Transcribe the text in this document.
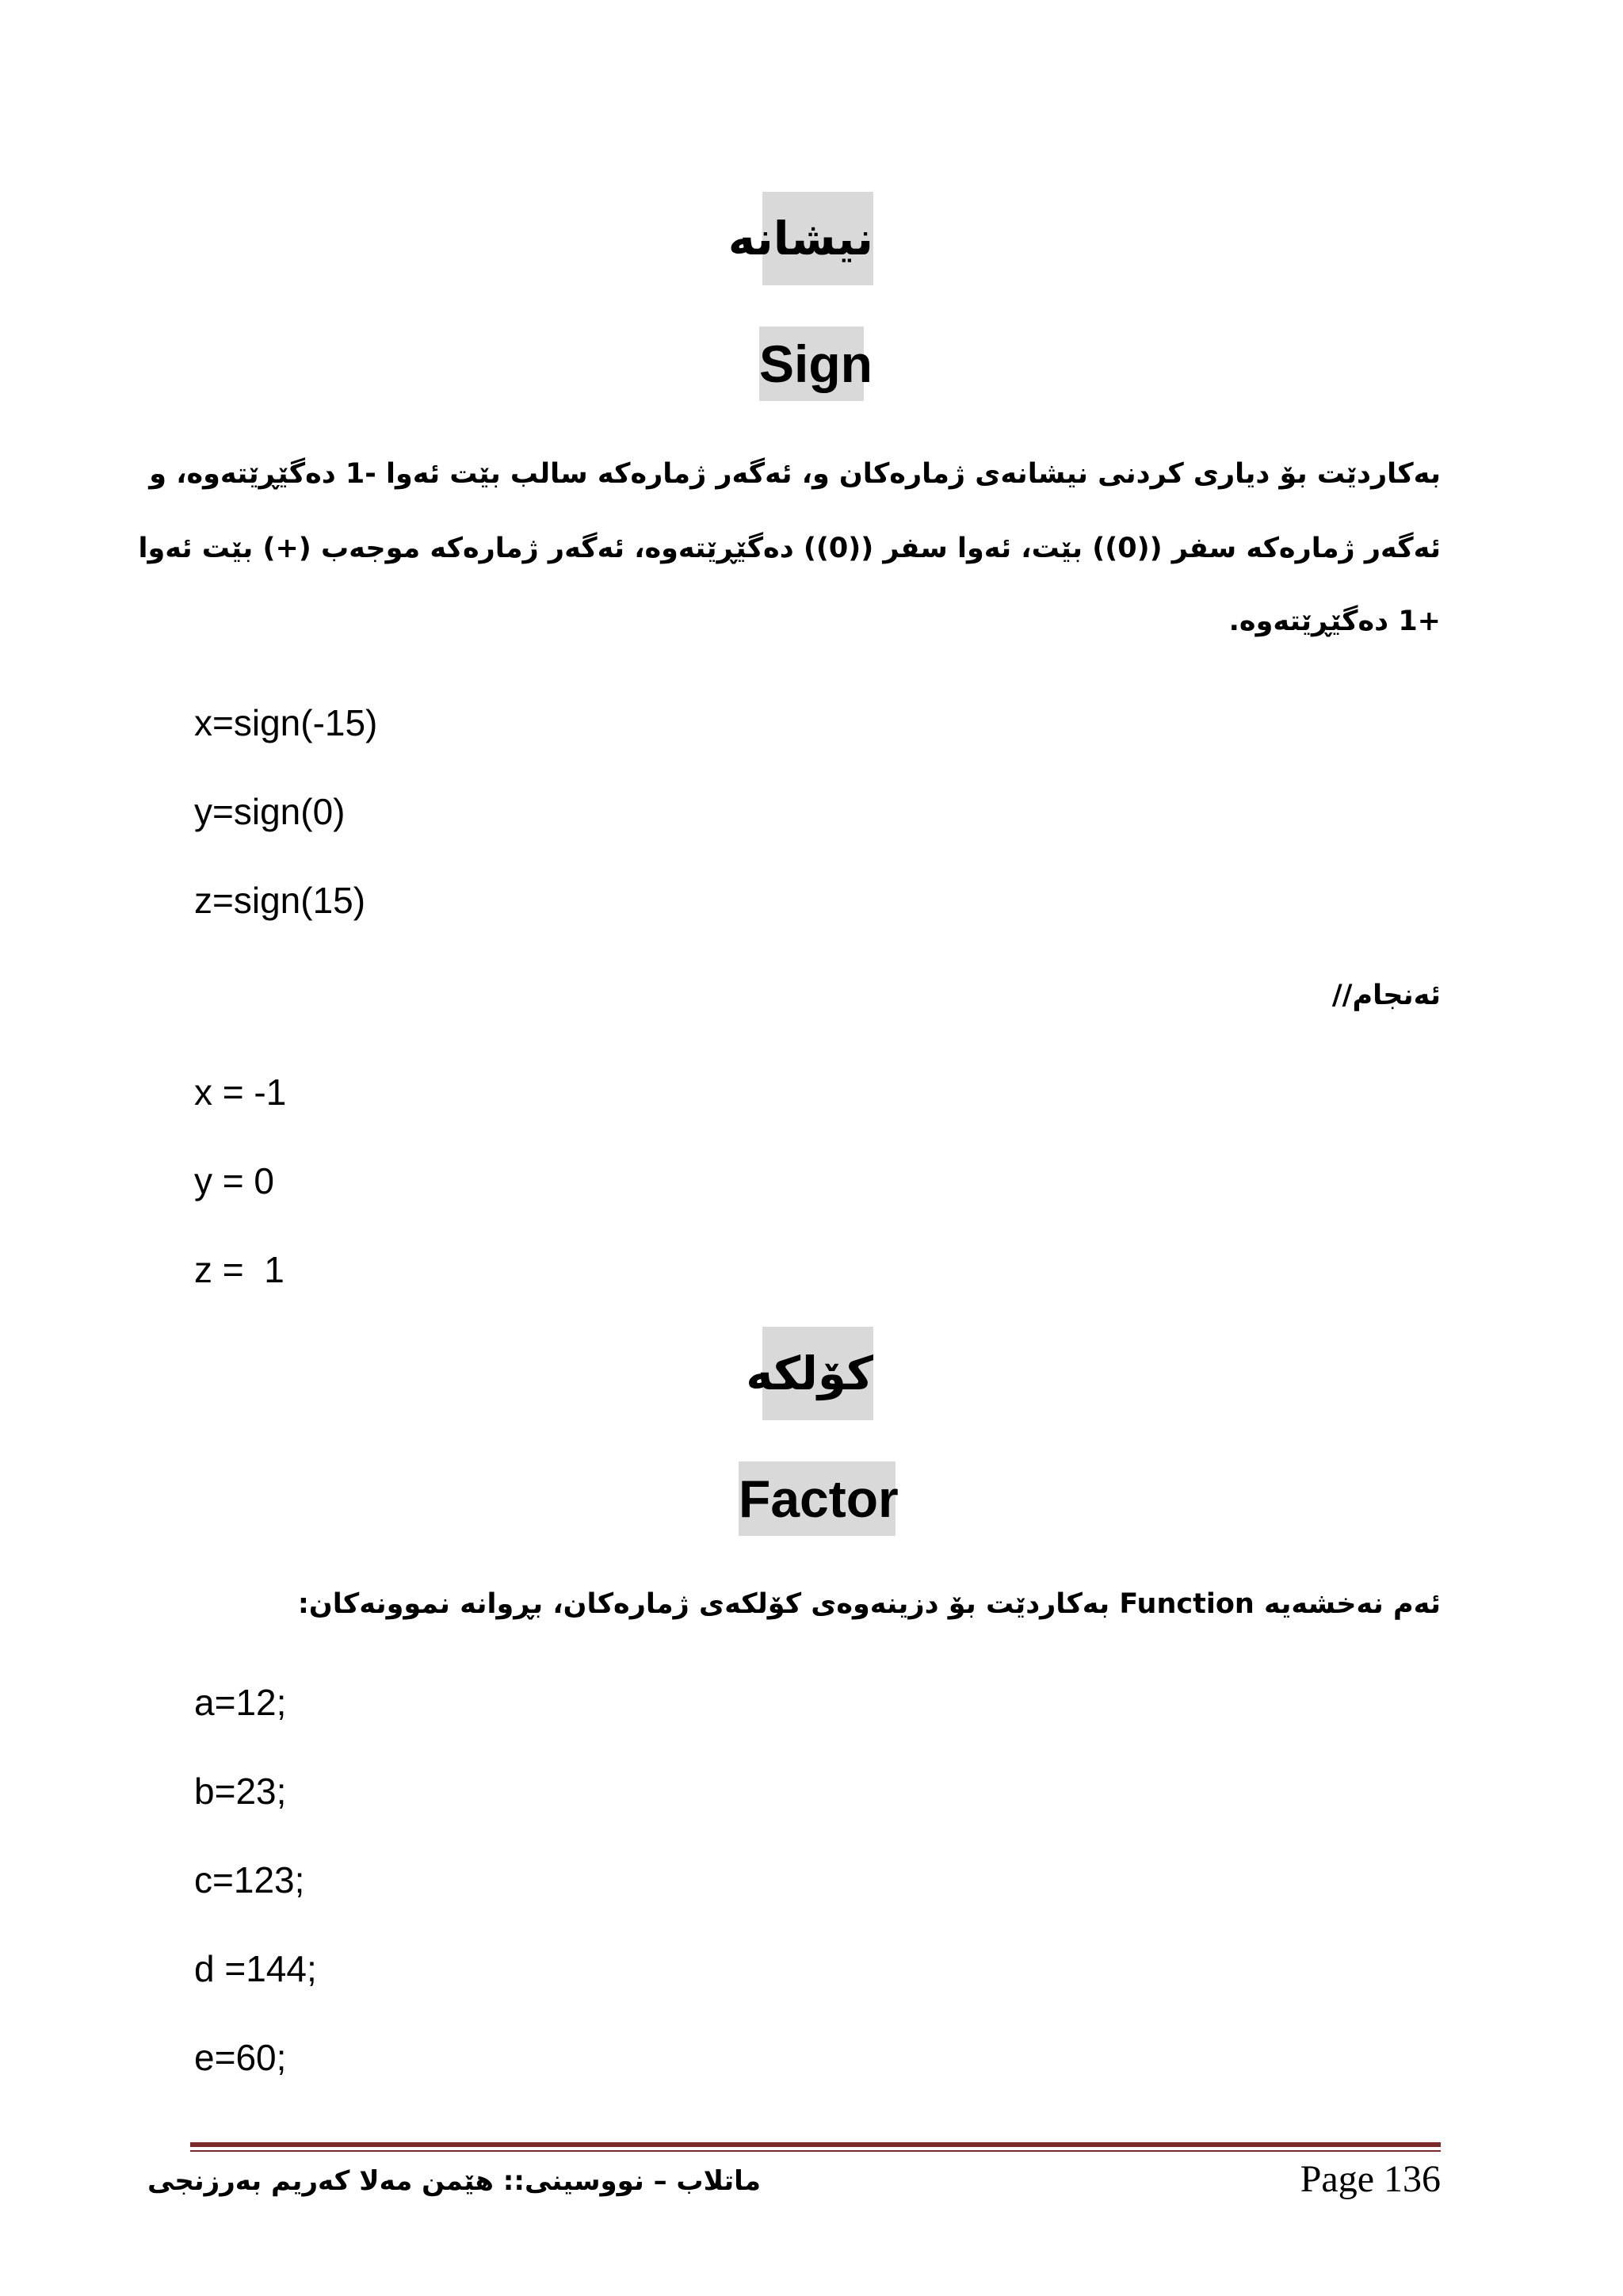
نیشانە
Sign
بەکاردێت بۆ دیاری کردنی نیشانەی ژمارەکان و، ئەگەر ژمارەکە سالب بێت ئەوا -1 دەگێڕێتەوە، و
ئەگەر ژمارەکە سفر ((0)) بێت، ئەوا سفر ((0)) دەگێڕێتەوە، ئەگەر ژمارەکە موجەب (+) بێت ئەوا
+1 دەگێڕێتەوە.
x=sign(-15)
y=sign(0)
z=sign(15)
ئەنجام//
x = -1
y = 0
z =  1
کۆلکە
Factor
ئەم نەخشەیە Function بەکاردێت بۆ دزینەوەی کۆلکەی ژمارەکان، بڕوانە نموونەکان:
a=12;
b=23;
c=123;
d =144;
e=60;
ماتلاب – نووسینی:: هێمن مەلا کەریم بەرزنجی	Page 136
